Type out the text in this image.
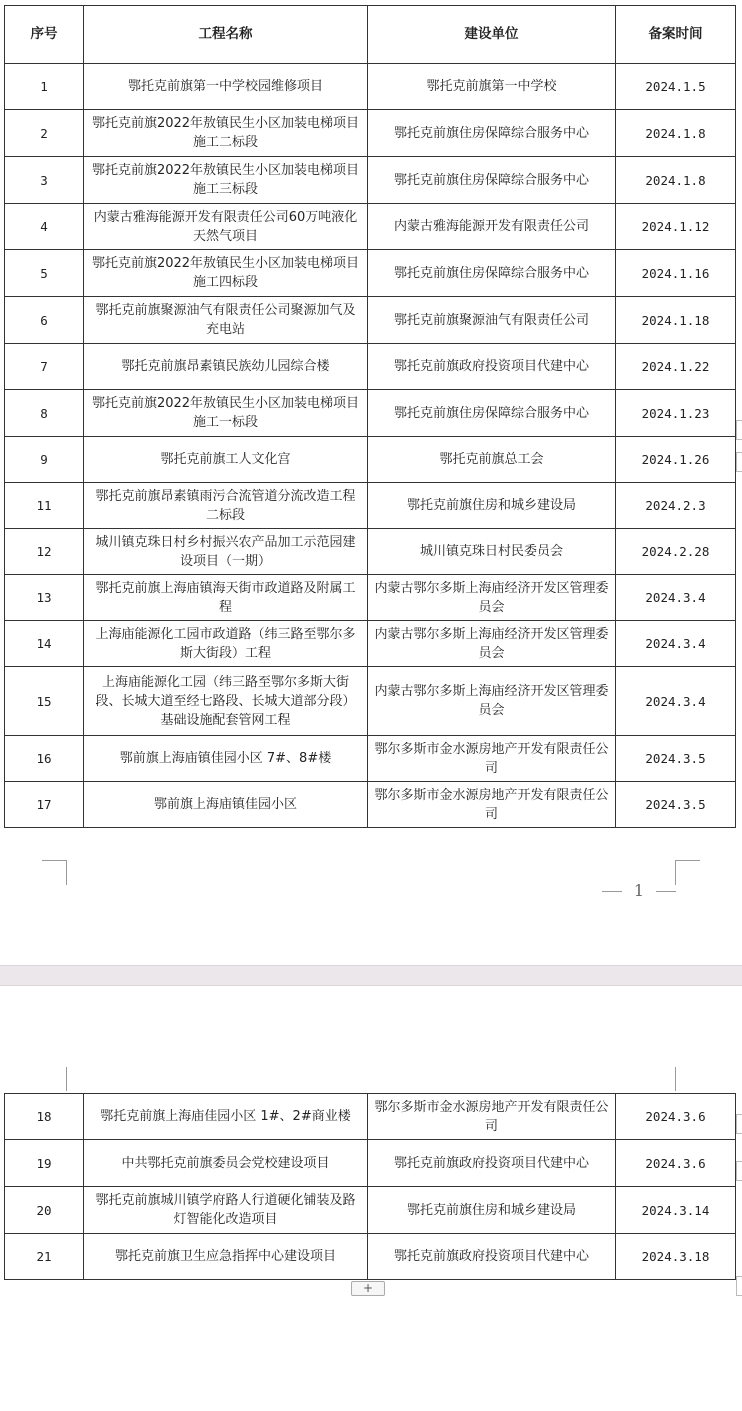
序号	工程名称	建设单位	备案时间
1	鄂托克前旗第一中学校园维修项目	鄂托克前旗第一中学校	2024.1.5
2	鄂托克前旗2022年敖镇民生小区加装电梯项目施工二标段	鄂托克前旗住房保障综合服务中心	2024.1.8
3	鄂托克前旗2022年敖镇民生小区加装电梯项目施工三标段	鄂托克前旗住房保障综合服务中心	2024.1.8
4	内蒙古雅海能源开发有限责任公司60万吨液化天然气项目	内蒙古雅海能源开发有限责任公司	2024.1.12
5	鄂托克前旗2022年敖镇民生小区加装电梯项目施工四标段	鄂托克前旗住房保障综合服务中心	2024.1.16
6	鄂托克前旗聚源油气有限责任公司聚源加气及充电站	鄂托克前旗聚源油气有限责任公司	2024.1.18
7	鄂托克前旗昂素镇民族幼儿园综合楼	鄂托克前旗政府投资项目代建中心	2024.1.22
8	鄂托克前旗2022年敖镇民生小区加装电梯项目施工一标段	鄂托克前旗住房保障综合服务中心	2024.1.23
9	鄂托克前旗工人文化宫	鄂托克前旗总工会	2024.1.26
11	鄂托克前旗昂素镇雨污合流管道分流改造工程二标段	鄂托克前旗住房和城乡建设局	2024.2.3
12	城川镇克珠日村乡村振兴农产品加工示范园建设项目（一期）	城川镇克珠日村民委员会	2024.2.28
13	鄂托克前旗上海庙镇海天街市政道路及附属工程	内蒙古鄂尔多斯上海庙经济开发区管理委员会	2024.3.4
14	上海庙能源化工园市政道路（纬三路至鄂尔多斯大街段）工程	内蒙古鄂尔多斯上海庙经济开发区管理委员会	2024.3.4
15	上海庙能源化工园（纬三路至鄂尔多斯大街段、长城大道至经七路段、长城大道部分段）基础设施配套管网工程	内蒙古鄂尔多斯上海庙经济开发区管理委员会	2024.3.4
16	鄂前旗上海庙镇佳园小区 7#、8#楼	鄂尔多斯市金水源房地产开发有限责任公司	2024.3.5
17	鄂前旗上海庙镇佳园小区	鄂尔多斯市金水源房地产开发有限责任公司	2024.3.5
1
18	鄂托克前旗上海庙佳园小区 1#、2#商业楼	鄂尔多斯市金水源房地产开发有限责任公司	2024.3.6
19	中共鄂托克前旗委员会党校建设项目	鄂托克前旗政府投资项目代建中心	2024.3.6
20	鄂托克前旗城川镇学府路人行道硬化铺装及路灯智能化改造项目	鄂托克前旗住房和城乡建设局	2024.3.14
21	鄂托克前旗卫生应急指挥中心建设项目	鄂托克前旗政府投资项目代建中心	2024.3.18
+
